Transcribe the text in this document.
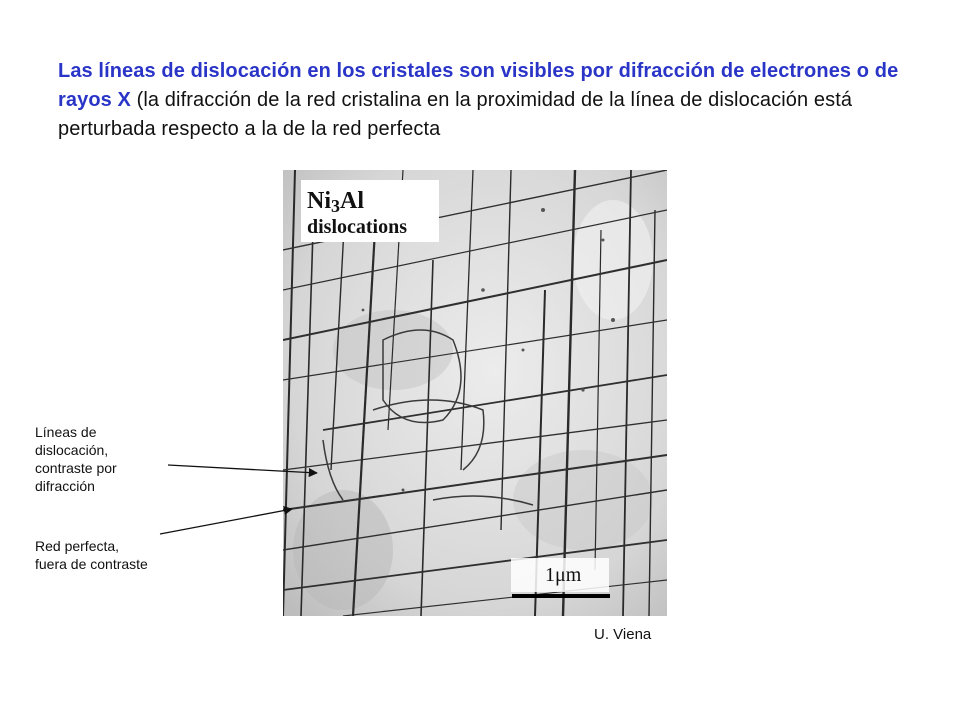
Las líneas de dislocación en los cristales son visibles por difracción de electrones o de rayos X (la difracción de la red cristalina en la proximidad de la línea de dislocación está perturbada respecto a la de la red perfecta
Ni3Al
dislocations
1μm
Líneas de
dislocación,
contraste por
difracción
Red perfecta,
fuera de contraste
U. Viena
